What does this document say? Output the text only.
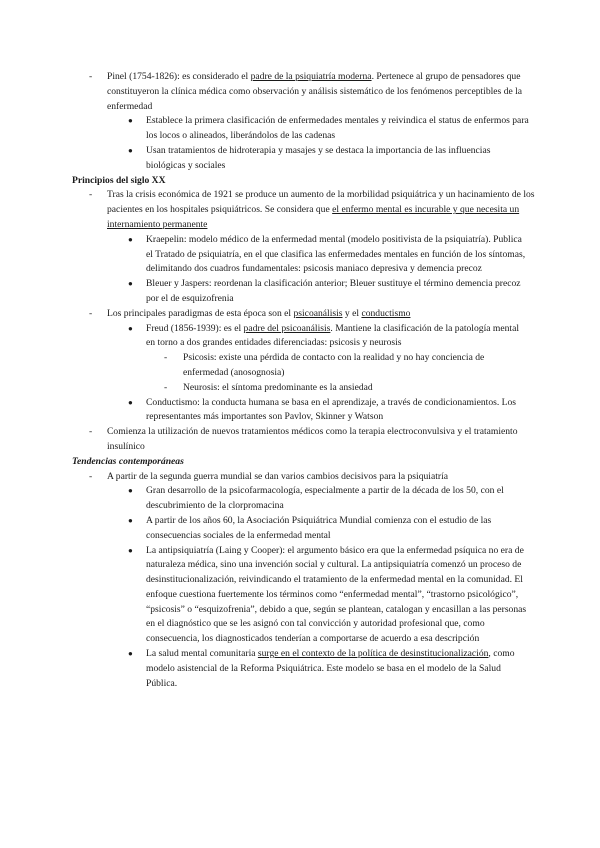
- Pinel (1754-1826): es considerado el padre de la psiquiatría moderna. Pertenece al grupo de pensadores que constituyeron la clínica médica como observación y análisis sistemático de los fenómenos perceptibles de la enfermedad

● Establece la primera clasificación de enfermedades mentales y reivindica el status de enfermos para los locos o alineados, liberándolos de las cadenas

● Usan tratamientos de hidroterapia y masajes y se destaca la importancia de las influencias biológicas y sociales

Principios del siglo XX

- Tras la crisis económica de 1921 se produce un aumento de la morbilidad psiquiátrica y un hacinamiento de los pacientes en los hospitales psiquiátricos. Se considera que el enfermo mental es incurable y que necesita un internamiento permanente

● Kraepelin: modelo médico de la enfermedad mental (modelo positivista de la psiquiatría). Publica el Tratado de psiquiatría, en el que clasifica las enfermedades mentales en función de los síntomas, delimitando dos cuadros fundamentales: psicosis maniaco depresiva y demencia precoz

● Bleuer y Jaspers: reordenan la clasificación anterior; Bleuer sustituye el término demencia precoz por el de esquizofrenia

- Los principales paradigmas de esta época son el psicoanálisis y el conductismo

● Freud (1856-1939): es el padre del psicoanálisis. Mantiene la clasificación de la patología mental en torno a dos grandes entidades diferenciadas: psicosis y neurosis

- Psicosis: existe una pérdida de contacto con la realidad y no hay conciencia de enfermedad (anosognosia)

- Neurosis: el síntoma predominante es la ansiedad

● Conductismo: la conducta humana se basa en el aprendizaje, a través de condicionamientos. Los representantes más importantes son Pavlov, Skinner y Watson

- Comienza la utilización de nuevos tratamientos médicos como la terapia electroconvulsiva y el tratamiento insulínico

Tendencias contemporáneas

- A partir de la segunda guerra mundial se dan varios cambios decisivos para la psiquiatría

● Gran desarrollo de la psicofarmacología, especialmente a partir de la década de los 50, con el descubrimiento de la clorpromacina

● A partir de los años 60, la Asociación Psiquiátrica Mundial comienza con el estudio de las consecuencias sociales de la enfermedad mental

● La antipsiquiatría (Laing y Cooper): el argumento básico era que la enfermedad psíquica no era de naturaleza médica, sino una invención social y cultural. La antipsiquiatría comenzó un proceso de desinstitucionalización, reivindicando el tratamiento de la enfermedad mental en la comunidad. El enfoque cuestiona fuertemente los términos como “enfermedad mental”, “trastorno psicológico”, “psicosis” o “esquizofrenia”, debido a que, según se plantean, catalogan y encasillan a las personas en el diagnóstico que se les asignó con tal convicción y autoridad profesional que, como consecuencia, los diagnosticados tenderían a comportarse de acuerdo a esa descripción

● La salud mental comunitaria surge en el contexto de la política de desinstitucionalización, como modelo asistencial de la Reforma Psiquiátrica. Este modelo se basa en el modelo de la Salud Pública.
